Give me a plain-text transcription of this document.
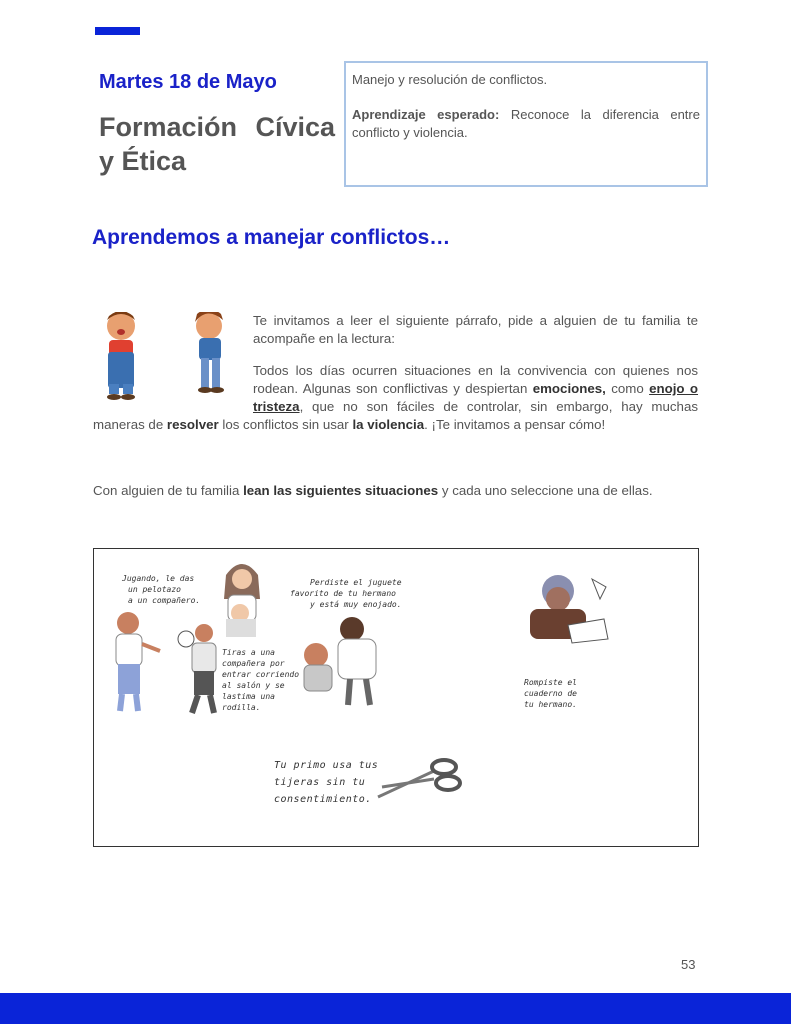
Martes 18 de Mayo
Formación Cívica
y Ética

Manejo y resolución de conflictos.

Aprendizaje esperado: Reconoce la diferencia entre conflicto y violencia.

Aprendemos a manejar conflictos…

Te invitamos a leer el siguiente párrafo, pide a alguien de tu familia te acompañe en la lectura:

Todos los días ocurren situaciones en la convivencia con quienes nos rodean. Algunas son conflictivas y despiertan emociones, como enojo o tristeza, que no son fáciles de controlar, sin embargo, hay muchas maneras de resolver los conflictos sin usar la violencia. ¡Te invitamos a pensar cómo!

Con alguien de tu familia lean las siguientes situaciones y cada uno seleccione una de ellas.
Jugando, le das
un pelotazo
a un compañero.
Tiras a una
compañera por
entrar corriendo
al salón y se
lastima una
rodilla.
Perdiste el juguete
favorito de tu hermano
y está muy enojado.
Rompiste el
cuaderno de
tu hermano.
Tu primo usa tus
tijeras sin tu
consentimiento.
53
